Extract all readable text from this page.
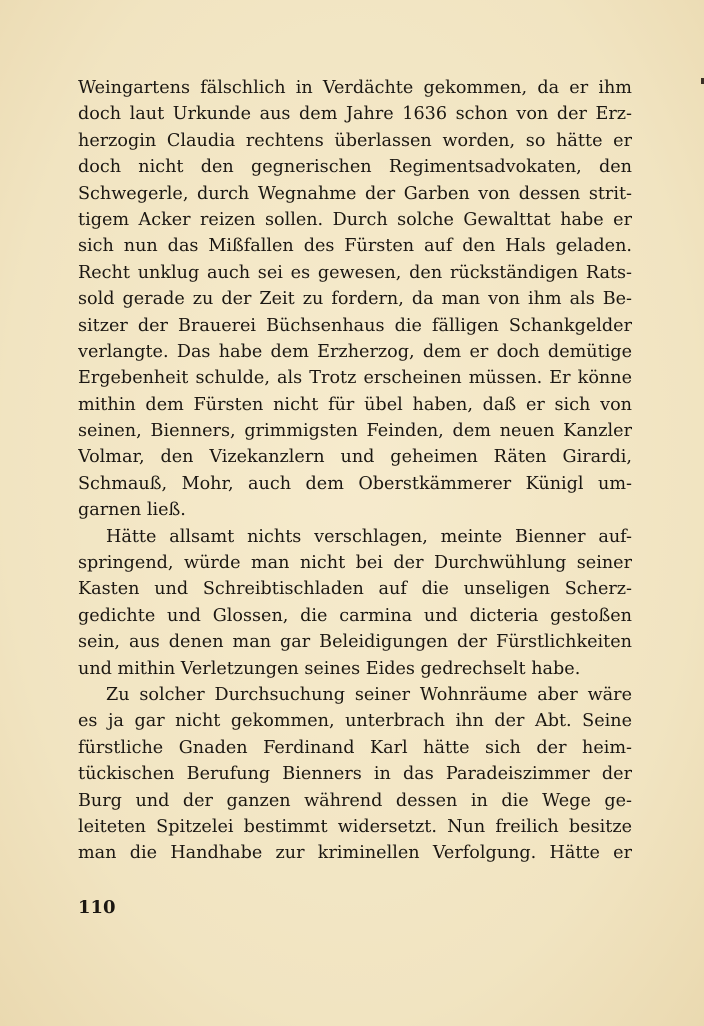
Weingartens fälschlich in Verdächte gekommen, da er ihm
doch laut Urkunde aus dem Jahre 1636 schon von der Erz-
herzogin Claudia rechtens überlassen worden, so hätte er
doch nicht den gegnerischen Regimentsadvokaten, den
Schwegerle, durch Wegnahme der Garben von dessen strit-
tigem Acker reizen sollen. Durch solche Gewalttat habe er
sich nun das Mißfallen des Fürsten auf den Hals geladen.
Recht unklug auch sei es gewesen, den rückständigen Rats-
sold gerade zu der Zeit zu fordern, da man von ihm als Be-
sitzer der Brauerei Büchsenhaus die fälligen Schankgelder
verlangte. Das habe dem Erzherzog, dem er doch demütige
Ergebenheit schulde, als Trotz erscheinen müssen. Er könne
mithin dem Fürsten nicht für übel haben, daß er sich von
seinen, Bienners, grimmigsten Feinden, dem neuen Kanzler
Volmar, den Vizekanzlern und geheimen Räten Girardi,
Schmauß, Mohr, auch dem Oberstkämmerer Künigl um-
garnen ließ.
Hätte allsamt nichts verschlagen, meinte Bienner auf-
springend, würde man nicht bei der Durchwühlung seiner
Kasten und Schreibtischladen auf die unseligen Scherz-
gedichte und Glossen, die carmina und dicteria gestoßen
sein, aus denen man gar Beleidigungen der Fürstlichkeiten
und mithin Verletzungen seines Eides gedrechselt habe.
Zu solcher Durchsuchung seiner Wohnräume aber wäre
es ja gar nicht gekommen, unterbrach ihn der Abt. Seine
fürstliche Gnaden Ferdinand Karl hätte sich der heim-
tückischen Berufung Bienners in das Paradeiszimmer der
Burg und der ganzen während dessen in die Wege ge-
leiteten Spitzelei bestimmt widersetzt. Nun freilich besitze
man die Handhabe zur kriminellen Verfolgung. Hätte er
110
